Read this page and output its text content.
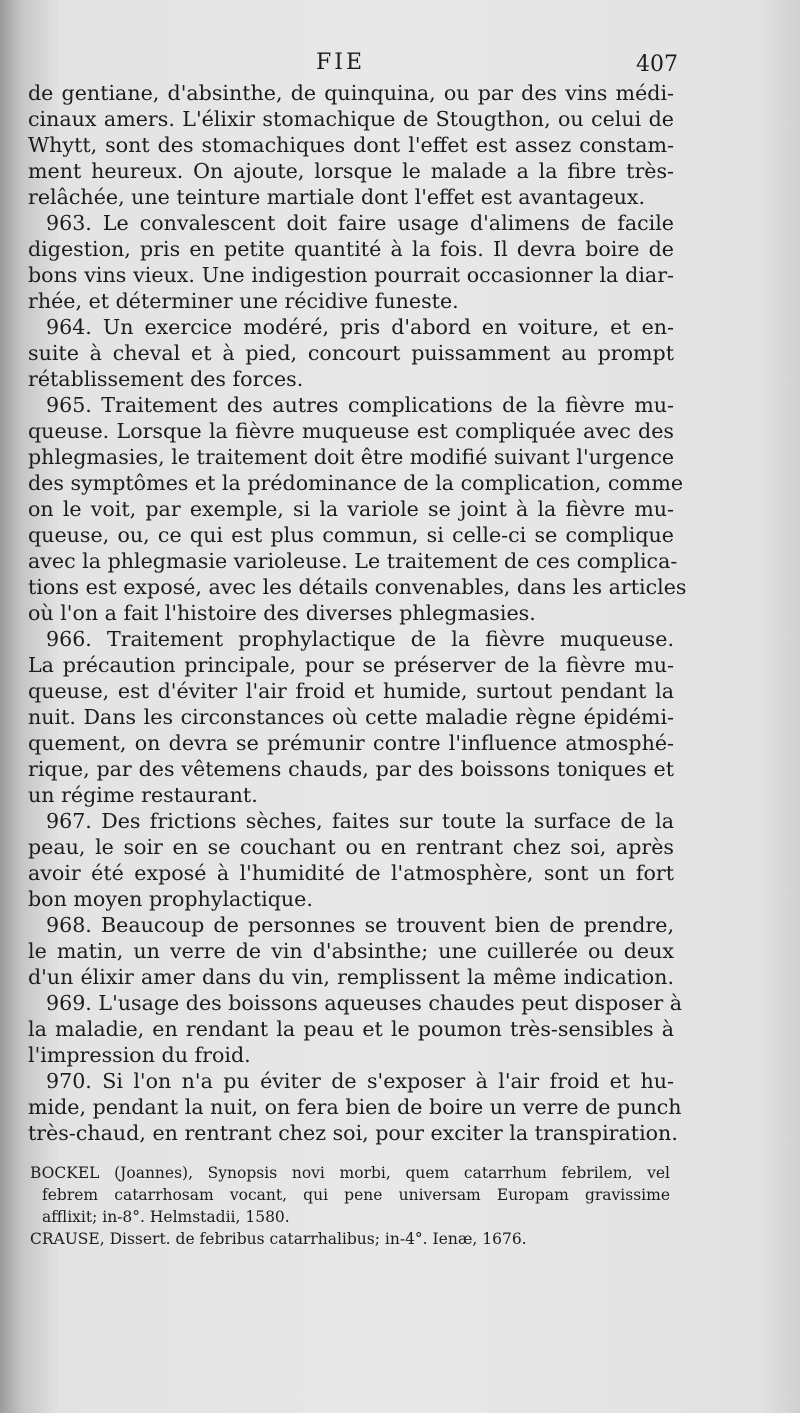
FIE	407
de gentiane, d'absinthe, de quinquina, ou par des vins médi-
cinaux amers. L'élixir stomachique de Stougthon, ou celui de
Whytt, sont des stomachiques dont l'effet est assez constam-
ment heureux. On ajoute, lorsque le malade a la fibre très-
relâchée, une teinture martiale dont l'effet est avantageux.
963. Le convalescent doit faire usage d'alimens de facile
digestion, pris en petite quantité à la fois. Il devra boire de
bons vins vieux. Une indigestion pourrait occasionner la diar-
rhée, et déterminer une récidive funeste.
964. Un exercice modéré, pris d'abord en voiture, et en-
suite à cheval et à pied, concourt puissamment au prompt
rétablissement des forces.
965. Traitement des autres complications de la fièvre mu-
queuse. Lorsque la fièvre muqueuse est compliquée avec des
phlegmasies, le traitement doit être modifié suivant l'urgence
des symptômes et la prédominance de la complication, comme
on le voit, par exemple, si la variole se joint à la fièvre mu-
queuse, ou, ce qui est plus commun, si celle-ci se complique
avec la phlegmasie varioleuse. Le traitement de ces complica-
tions est exposé, avec les détails convenables, dans les articles
où l'on a fait l'histoire des diverses phlegmasies.
966. Traitement prophylactique de la fièvre muqueuse.
La précaution principale, pour se préserver de la fièvre mu-
queuse, est d'éviter l'air froid et humide, surtout pendant la
nuit. Dans les circonstances où cette maladie règne épidémi-
quement, on devra se prémunir contre l'influence atmosphé-
rique, par des vêtemens chauds, par des boissons toniques et
un régime restaurant.
967. Des frictions sèches, faites sur toute la surface de la
peau, le soir en se couchant ou en rentrant chez soi, après
avoir été exposé à l'humidité de l'atmosphère, sont un fort
bon moyen prophylactique.
968. Beaucoup de personnes se trouvent bien de prendre,
le matin, un verre de vin d'absinthe; une cuillerée ou deux
d'un élixir amer dans du vin, remplissent la même indication.
969. L'usage des boissons aqueuses chaudes peut disposer à
la maladie, en rendant la peau et le poumon très-sensibles à
l'impression du froid.
970. Si l'on n'a pu éviter de s'exposer à l'air froid et hu-
mide, pendant la nuit, on fera bien de boire un verre de punch
très-chaud, en rentrant chez soi, pour exciter la transpiration.
BOCKEL (Joannes), Synopsis novi morbi, quem catarrhum febrilem, vel
febrem catarrhosam vocant, qui pene universam Europam gravissime
afflixit; in-8°. Helmstadii, 1580.
CRAUSE, Dissert. de febribus catarrhalibus; in-4°. Ienæ, 1676.
